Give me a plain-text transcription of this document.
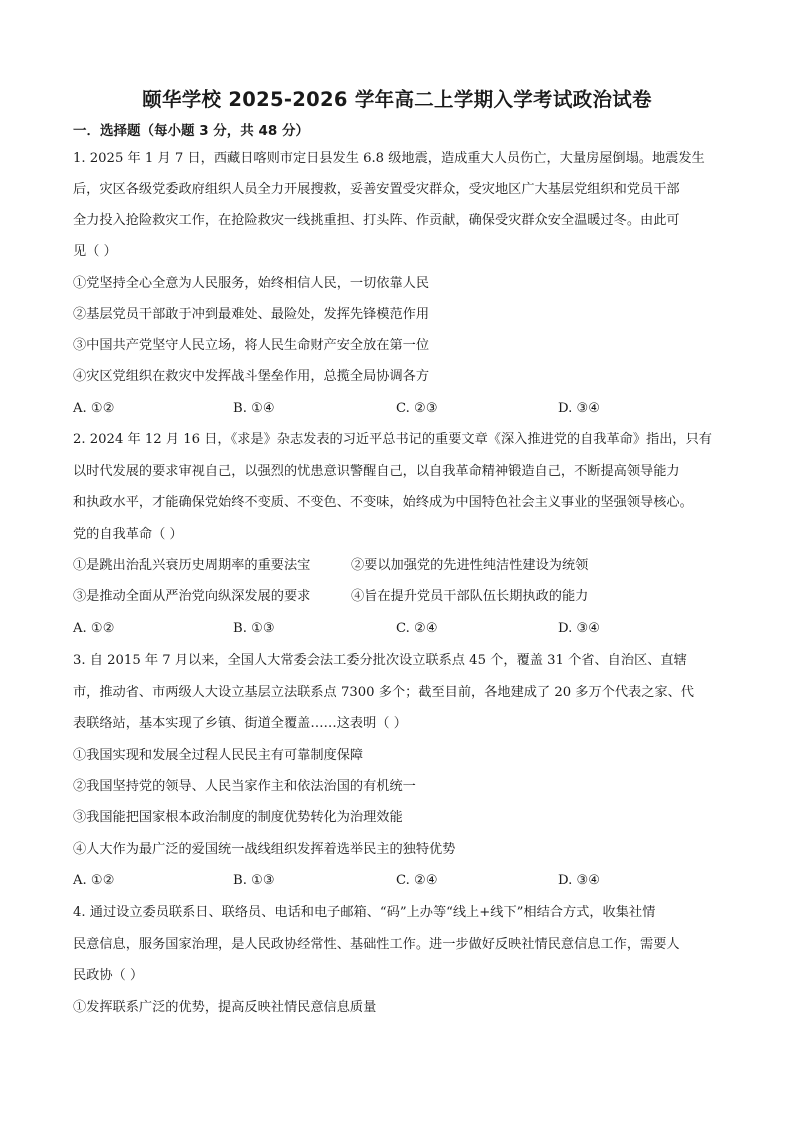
颐华学校 2025-2026 学年高二上学期入学考试政治试卷
一．选择题（每小题 3 分，共 48 分）
1. 2025 年 1 月 7 日，西藏日喀则市定日县发生 6.8 级地震，造成重大人员伤亡，大量房屋倒塌。地震发生
后，灾区各级党委政府组织人员全力开展搜救，妥善安置受灾群众，受灾地区广大基层党组织和党员干部
全力投入抢险救灾工作，在抢险救灾一线挑重担、打头阵、作贡献，确保受灾群众安全温暖过冬。由此可
见（ ）
①党坚持全心全意为人民服务，始终相信人民，一切依靠人民
②基层党员干部敢于冲到最难处、最险处，发挥先锋模范作用
③中国共产党坚守人民立场，将人民生命财产安全放在第一位
④灾区党组织在救灾中发挥战斗堡垒作用，总揽全局协调各方
A. ①②	B. ①④	C. ②③	D. ③④
2. 2024 年 12 月 16 日，《求是》杂志发表的习近平总书记的重要文章《深入推进党的自我革命》指出，只有
以时代发展的要求审视自己，以强烈的忧患意识警醒自己，以自我革命精神锻造自己，不断提高领导能力
和执政水平，才能确保党始终不变质、不变色、不变味，始终成为中国特色社会主义事业的坚强领导核心。
党的自我革命（ ）
①是跳出治乱兴衰历史周期率的重要法宝	②要以加强党的先进性纯洁性建设为统领
③是推动全面从严治党向纵深发展的要求	④旨在提升党员干部队伍长期执政的能力
A. ①②	B. ①③	C. ②④	D. ③④
3. 自 2015 年 7 月以来，全国人大常委会法工委分批次设立联系点 45 个，覆盖 31 个省、自治区、直辖
市，推动省、市两级人大设立基层立法联系点 7300 多个；截至目前，各地建成了 20 多万个代表之家、代
表联络站，基本实现了乡镇、街道全覆盖……这表明（ ）
①我国实现和发展全过程人民民主有可靠制度保障
②我国坚持党的领导、人民当家作主和依法治国的有机统一
③我国能把国家根本政治制度的制度优势转化为治理效能
④人大作为最广泛的爱国统一战线组织发挥着选举民主的独特优势
A. ①②	B. ①③	C. ②④	D. ③④
4. 通过设立委员联系日、联络员、电话和电子邮箱、“码”上办等“线上+线下”相结合方式，收集社情
民意信息，服务国家治理，是人民政协经常性、基础性工作。进一步做好反映社情民意信息工作，需要人
民政协（ ）
①发挥联系广泛的优势，提高反映社情民意信息质量
